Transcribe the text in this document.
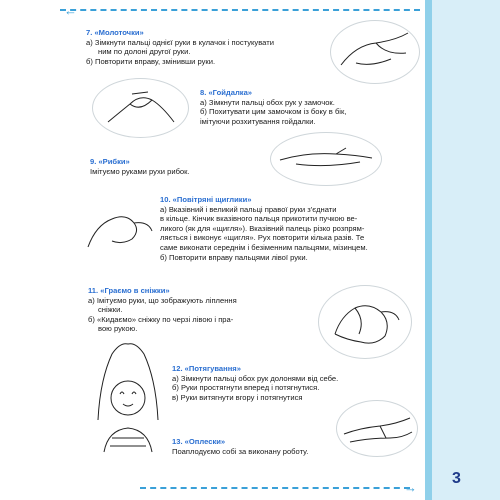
←
→

7. «Молоточки»

а) Зімкнути пальці однієї руки в кулачок і постукувати

ним по долоні другої руки.

б) Повторити вправу, змінивши руки.

8. «Гойдалка»

а) Зімкнути пальці обох рук у замочок.

б) Похитувати цим замочком із боку в бік,

імітуючи розхитування гойдалки.

9. «Рибки»

Імітуємо руками рухи рибок.

10. «Повітряні щиглики»

а) Вказівний і великий пальці правої руки з'єднати

в кільце. Кінчик вказівного пальця прикотити пучкою ве-

ликого (як для «щигля»). Вказівний палець різко розпрям-

ляється і виконує «щигля». Рух повторити кілька разів. Те

саме виконати середнім і безіменним пальцями, мізинцем.

б) Повторити вправу пальцями лівої руки.

11. «Граємо в сніжки»

а) Імітуємо руки, що зображують ліплення

сніжки.

б) «Кидаємо» сніжку по черзі лівою і пра-

вою рукою.

12. «Потягування»

а) Зімкнути пальці обох рук долонями від себе.

б) Руки простягнути вперед і потягнутися.

в) Руки витягнути вгору і потягнутися

13. «Оплески»

Поаплодуємо собі за виконану роботу.

3
